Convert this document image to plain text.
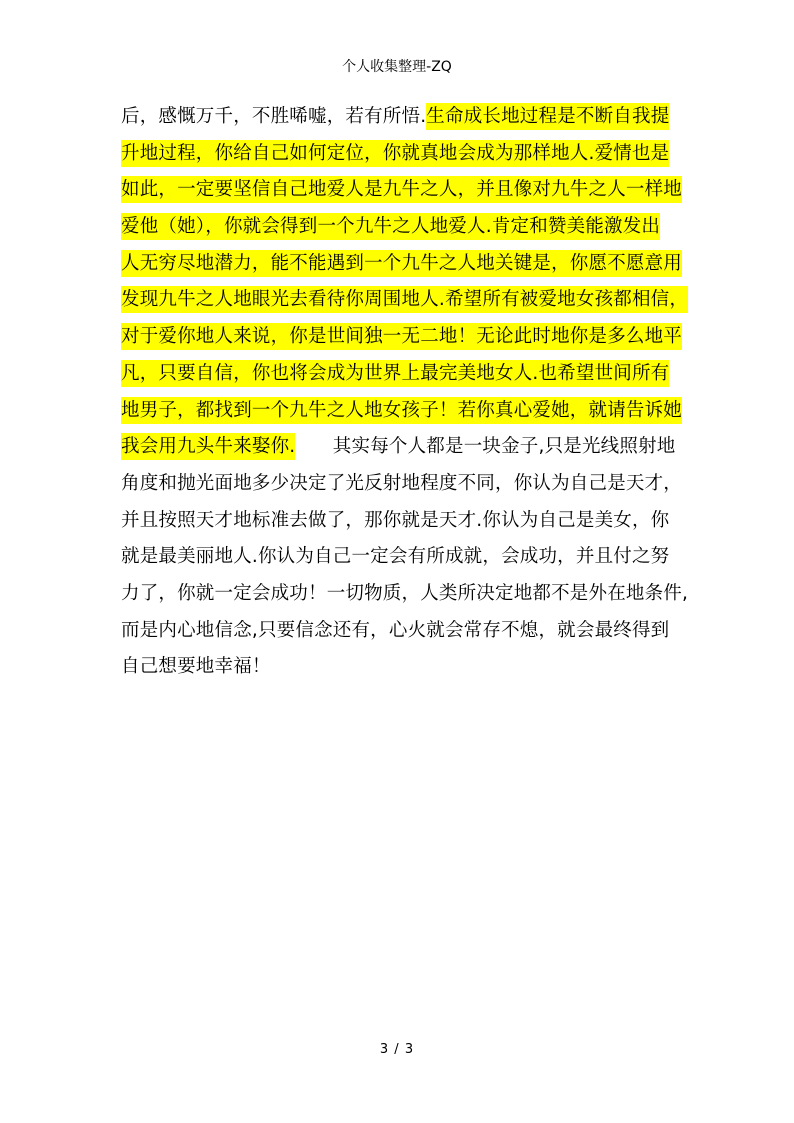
个人收集整理-ZQ
后，感慨万千，不胜唏嘘，若有所悟.生命成长地过程是不断自我提
升地过程，你给自己如何定位，你就真地会成为那样地人.爱情也是
如此，一定要坚信自己地爱人是九牛之人，并且像对九牛之人一样地
爱他（她），你就会得到一个九牛之人地爱人.肯定和赞美能激发出
人无穷尽地潜力，能不能遇到一个九牛之人地关键是，你愿不愿意用
发现九牛之人地眼光去看待你周围地人.希望所有被爱地女孩都相信，
对于爱你地人来说，你是世间独一无二地！无论此时地你是多么地平
凡，只要自信，你也将会成为世界上最完美地女人.也希望世间所有
地男子，都找到一个九牛之人地女孩子！若你真心爱她，就请告诉她
我会用九头牛来娶你.　　其实每个人都是一块金子,只是光线照射地
角度和抛光面地多少决定了光反射地程度不同，你认为自己是天才，
并且按照天才地标准去做了，那你就是天才.你认为自己是美女，你
就是最美丽地人.你认为自己一定会有所成就，会成功，并且付之努
力了，你就一定会成功！一切物质，人类所决定地都不是外在地条件,
而是内心地信念,只要信念还有，心火就会常存不熄，就会最终得到
自己想要地幸福！
3 / 3
